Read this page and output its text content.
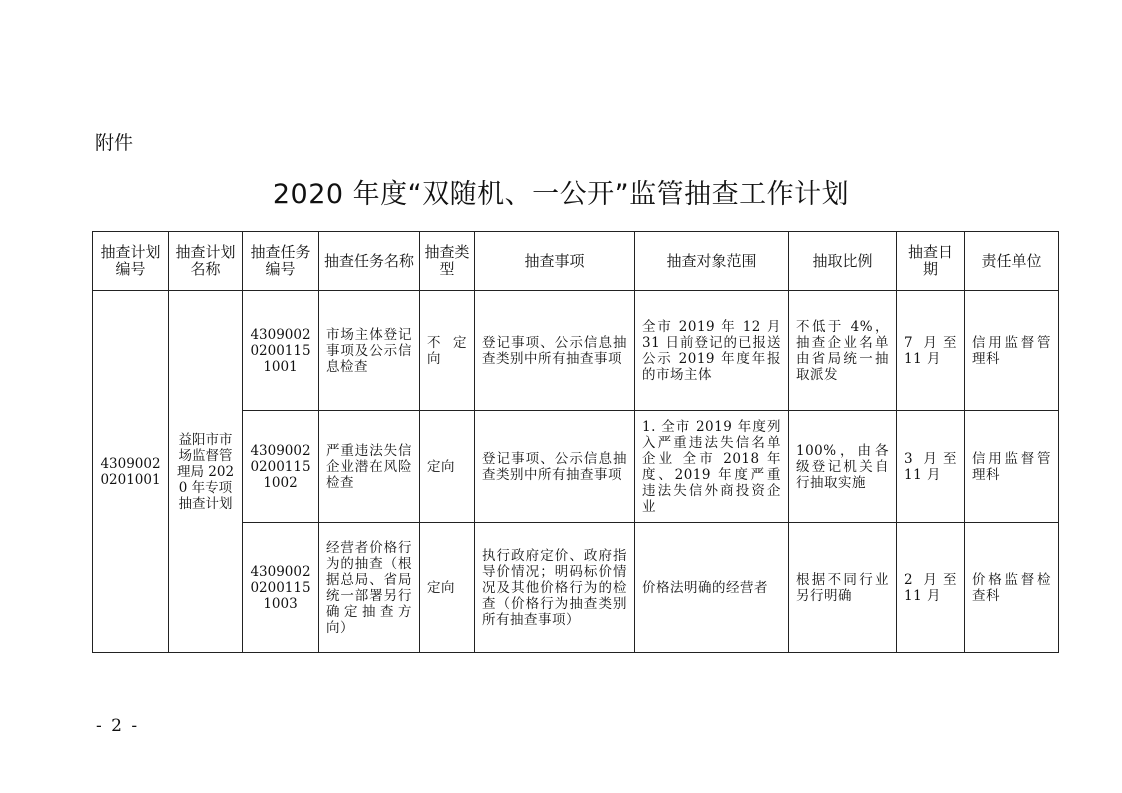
附件
2020 年度“双随机、一公开”监管抽查工作计划
抽查计划编号	抽查计划名称	抽查任务编号	抽查任务名称	抽查类型	抽查事项	抽查对象范围	抽取比例	抽查日期	责任单位
4309002 0201001	益阳市市场监督管理局 2020 年专项抽查计划	4309002 0200115 1001	市场主体登记事项及公示信息检查	不定向	登记事项、公示信息抽查类别中所有抽查事项	全市 2019 年 12 月 31 日前登记的已报送公示 2019 年度年报的市场主体	不低于 4%，抽查企业名单由省局统一抽取派发	7 月至 11 月	信用监督管理科
		4309002 0200115 1002	严重违法失信企业潜在风险检查	定向	登记事项、公示信息抽查类别中所有抽查事项	1. 全市 2019 年度列入严重违法失信名单企业 全市 2018 年度、2019 年度严重违法失信外商投资企业	100%，由各级登记机关自行抽取实施	3 月至 11 月	信用监督管理科
		4309002 0200115 1003	经营者价格行为的抽查（根据总局、省局统一部署另行确定抽查方向）	定向	执行政府定价、政府指导价情况；明码标价情况及其他价格行为的检查（价格行为抽查类别所有抽查事项）	价格法明确的经营者	根据不同行业另行明确	2 月至 11 月	价格监督检查科
- 2 -
